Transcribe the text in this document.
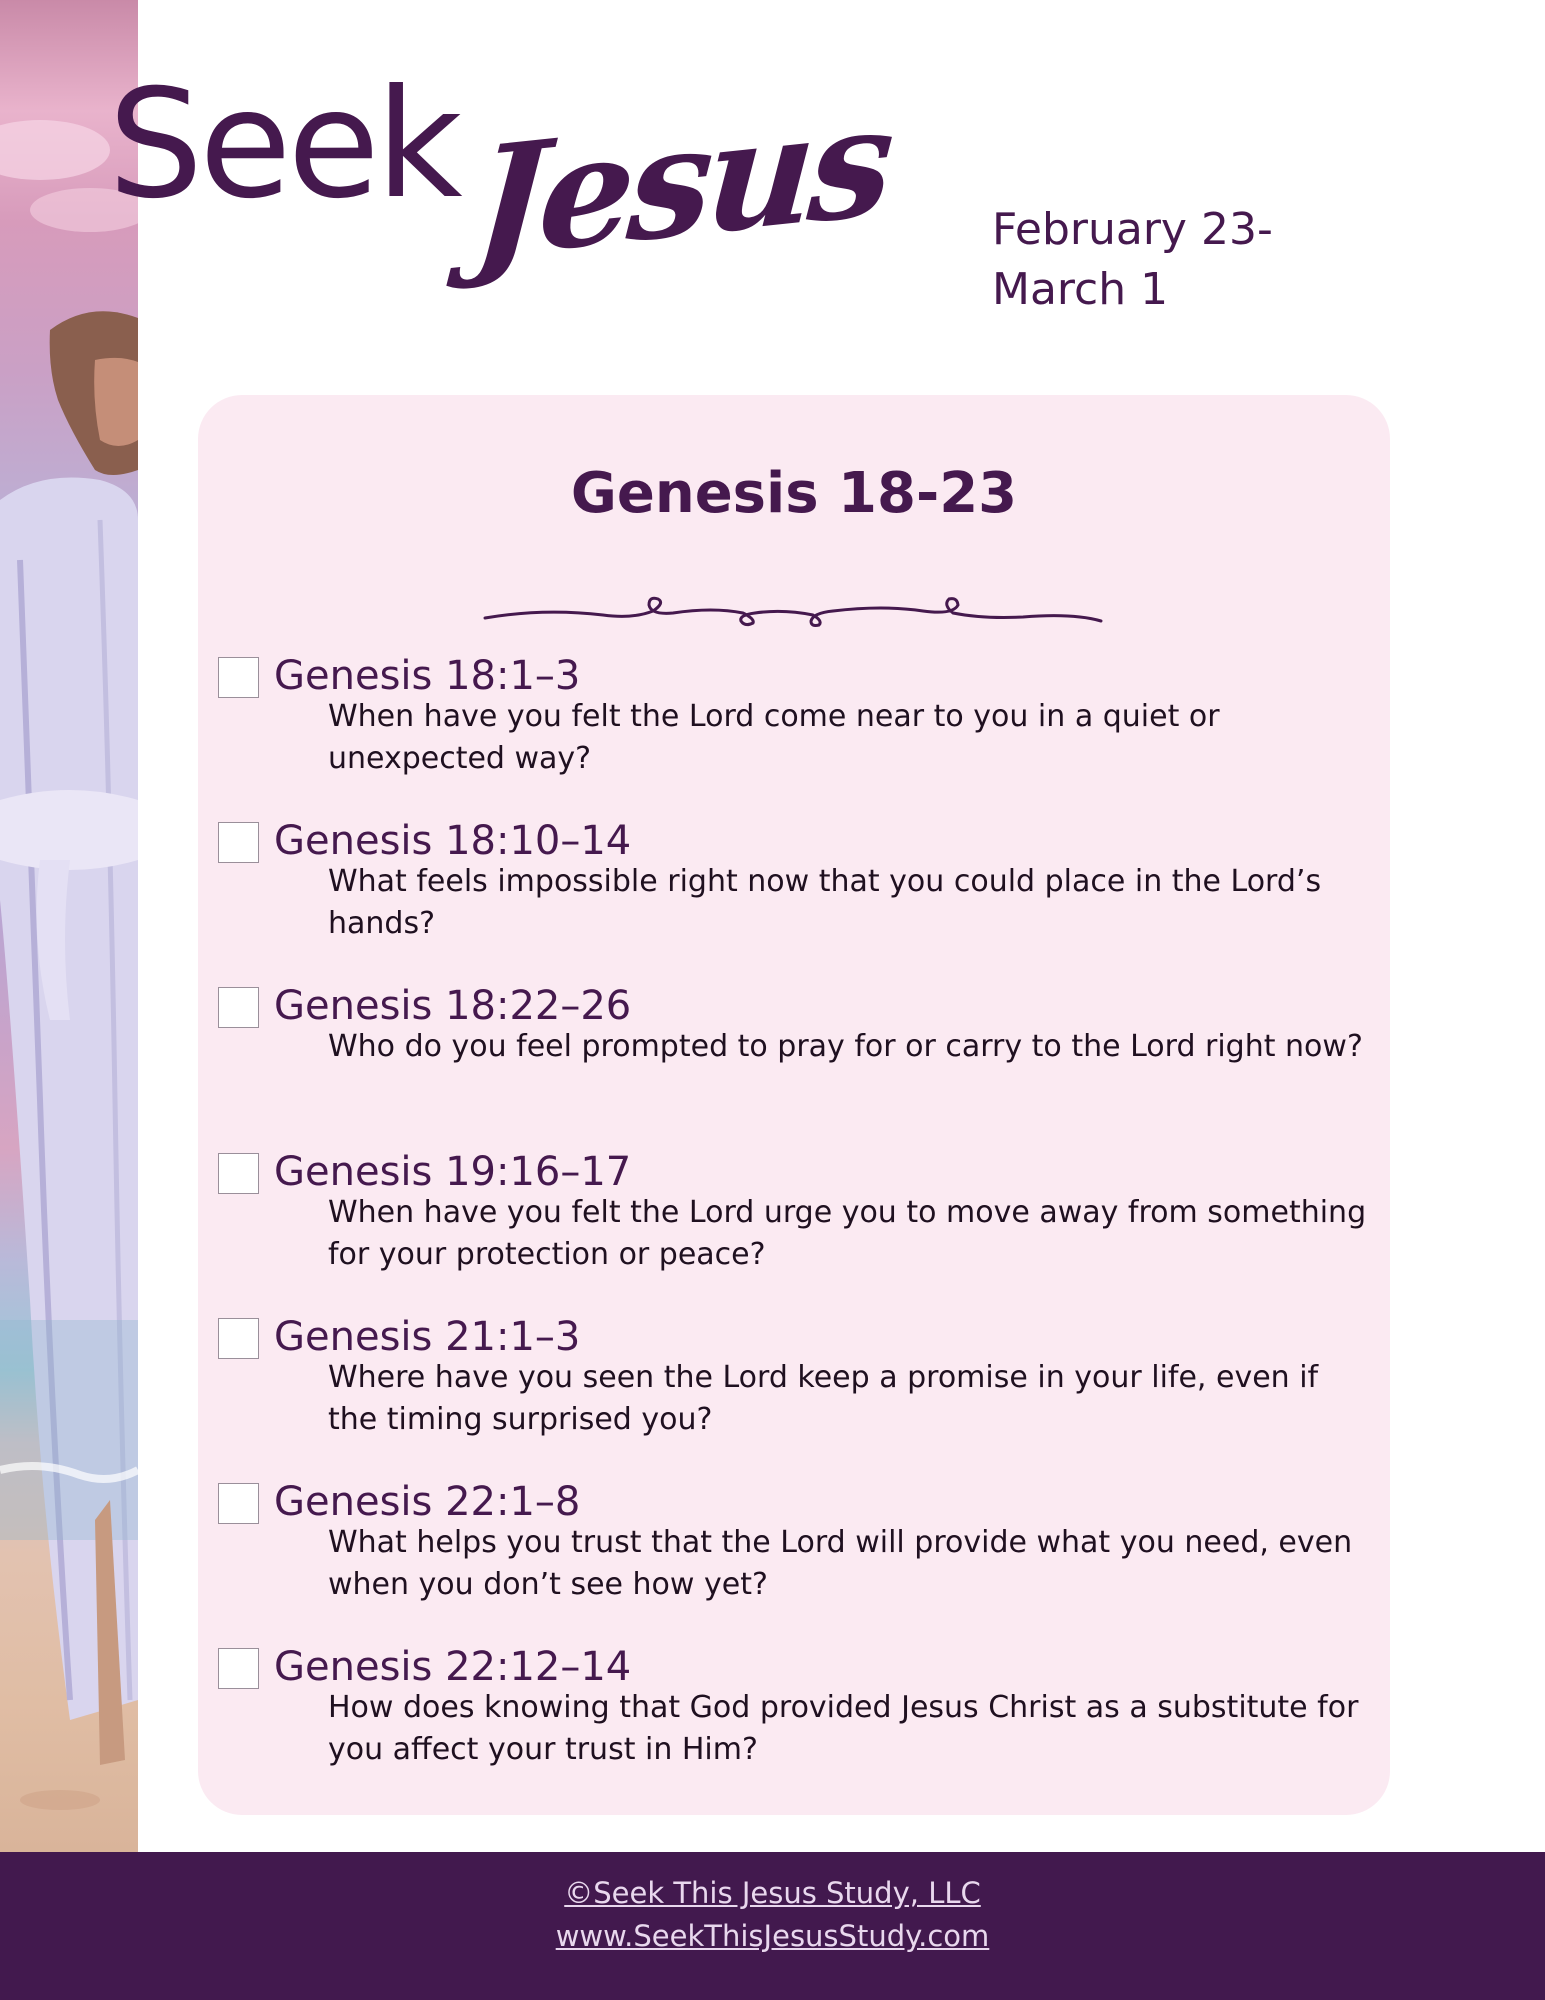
Seek Jesus February 23-
March 1
Genesis 18-23
Genesis 18:1–3
When have you felt the Lord come near to you in a quiet or unexpected way?
Genesis 18:10–14
What feels impossible right now that you could place in the Lord’s hands?
Genesis 18:22–26
Who do you feel prompted to pray for or carry to the Lord right now?
Genesis 19:16–17
When have you felt the Lord urge you to move away from something for your protection or peace?
Genesis 21:1–3
Where have you seen the Lord keep a promise in your life, even if the timing surprised you?
Genesis 22:1–8
What helps you trust that the Lord will provide what you need, even when you don’t see how yet?
Genesis 22:12–14
How does knowing that God provided Jesus Christ as a substitute for you affect your trust in Him?
©Seek This Jesus Study, LLC
www.SeekThisJesusStudy.com
